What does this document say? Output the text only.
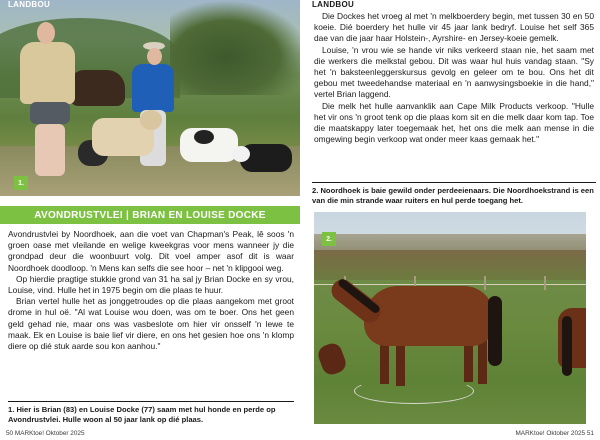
LANDBOU
1.
AVONDRUSTVLEI | BRIAN EN LOUISE DOCKE

Avondrustvlei by Noordhoek, aan die voet van Chapman's Peak, lê soos 'n groen oase met vleilande en welige kweekgras voor mens wanneer jy die grondpad deur die woonbuurt volg. Dit voel amper asof dit is waar Noordhoek doodloop. 'n Mens kan selfs die see hoor – net 'n klipgooi weg.

Op hierdie pragtige stukkie grond van 31 ha sal jy Brian Docke en sy vrou, Louise, vind. Hulle het in 1975 begin om die plaas te huur.

Brian vertel hulle het as jonggetroudes op die plaas aangekom met groot drome in hul oë. "Al wat Louise wou doen, was om te boer. Ons het geen geld gehad nie, maar ons was vasbeslote om hier vir onsself 'n lewe te maak. Ek en Louise is baie lief vir diere, en ons het gesien hoe ons 'n klomp diere op dié stuk aarde sou kon aanhou."

1. Hier is Brian (83) en Louise Docke (77) saam met hul honde en perde op Avondrustvlei. Hulle woon al 50 jaar lank op dié plaas.
50 MARKtoe! Oktober 2025
LANDBOU

Die Dockes het vroeg al met 'n melkboerdery begin, met tussen 30 en 50 koeie. Dié boerdery het hulle vir 45 jaar lank bedryf. Louise het self 365 dae van die jaar haar Holstein-, Ayrshire- en Jersey-koeie gemelk.

Louise, 'n vrou wie se hande vir niks verkeerd staan nie, het saam met die werkers die melkstal gebou. Dit was waar hul huis vandag staan. "Sy het 'n baksteenleggerskursus gevolg en geleer om te bou. Ons het dit gebou met tweedehandse materiaal en 'n aanwysingsboekie in die hand," vertel Brian laggend.

Die melk het hulle aanvanklik aan Cape Milk Products verkoop. "Hulle het vir ons 'n groot tenk op die plaas kom sit en die melk daar kom tap. Toe die maatskappy later toegemaak het, het ons die melk aan mense in die omgewing begin verkoop wat onder meer kaas gemaak het."

2. Noordhoek is baie gewild onder perdeeienaars. Die Noordhoekstrand is een van die min strande waar ruiters en hul perde toegang het.
2.
MARKtoe! Oktober 2025 51
